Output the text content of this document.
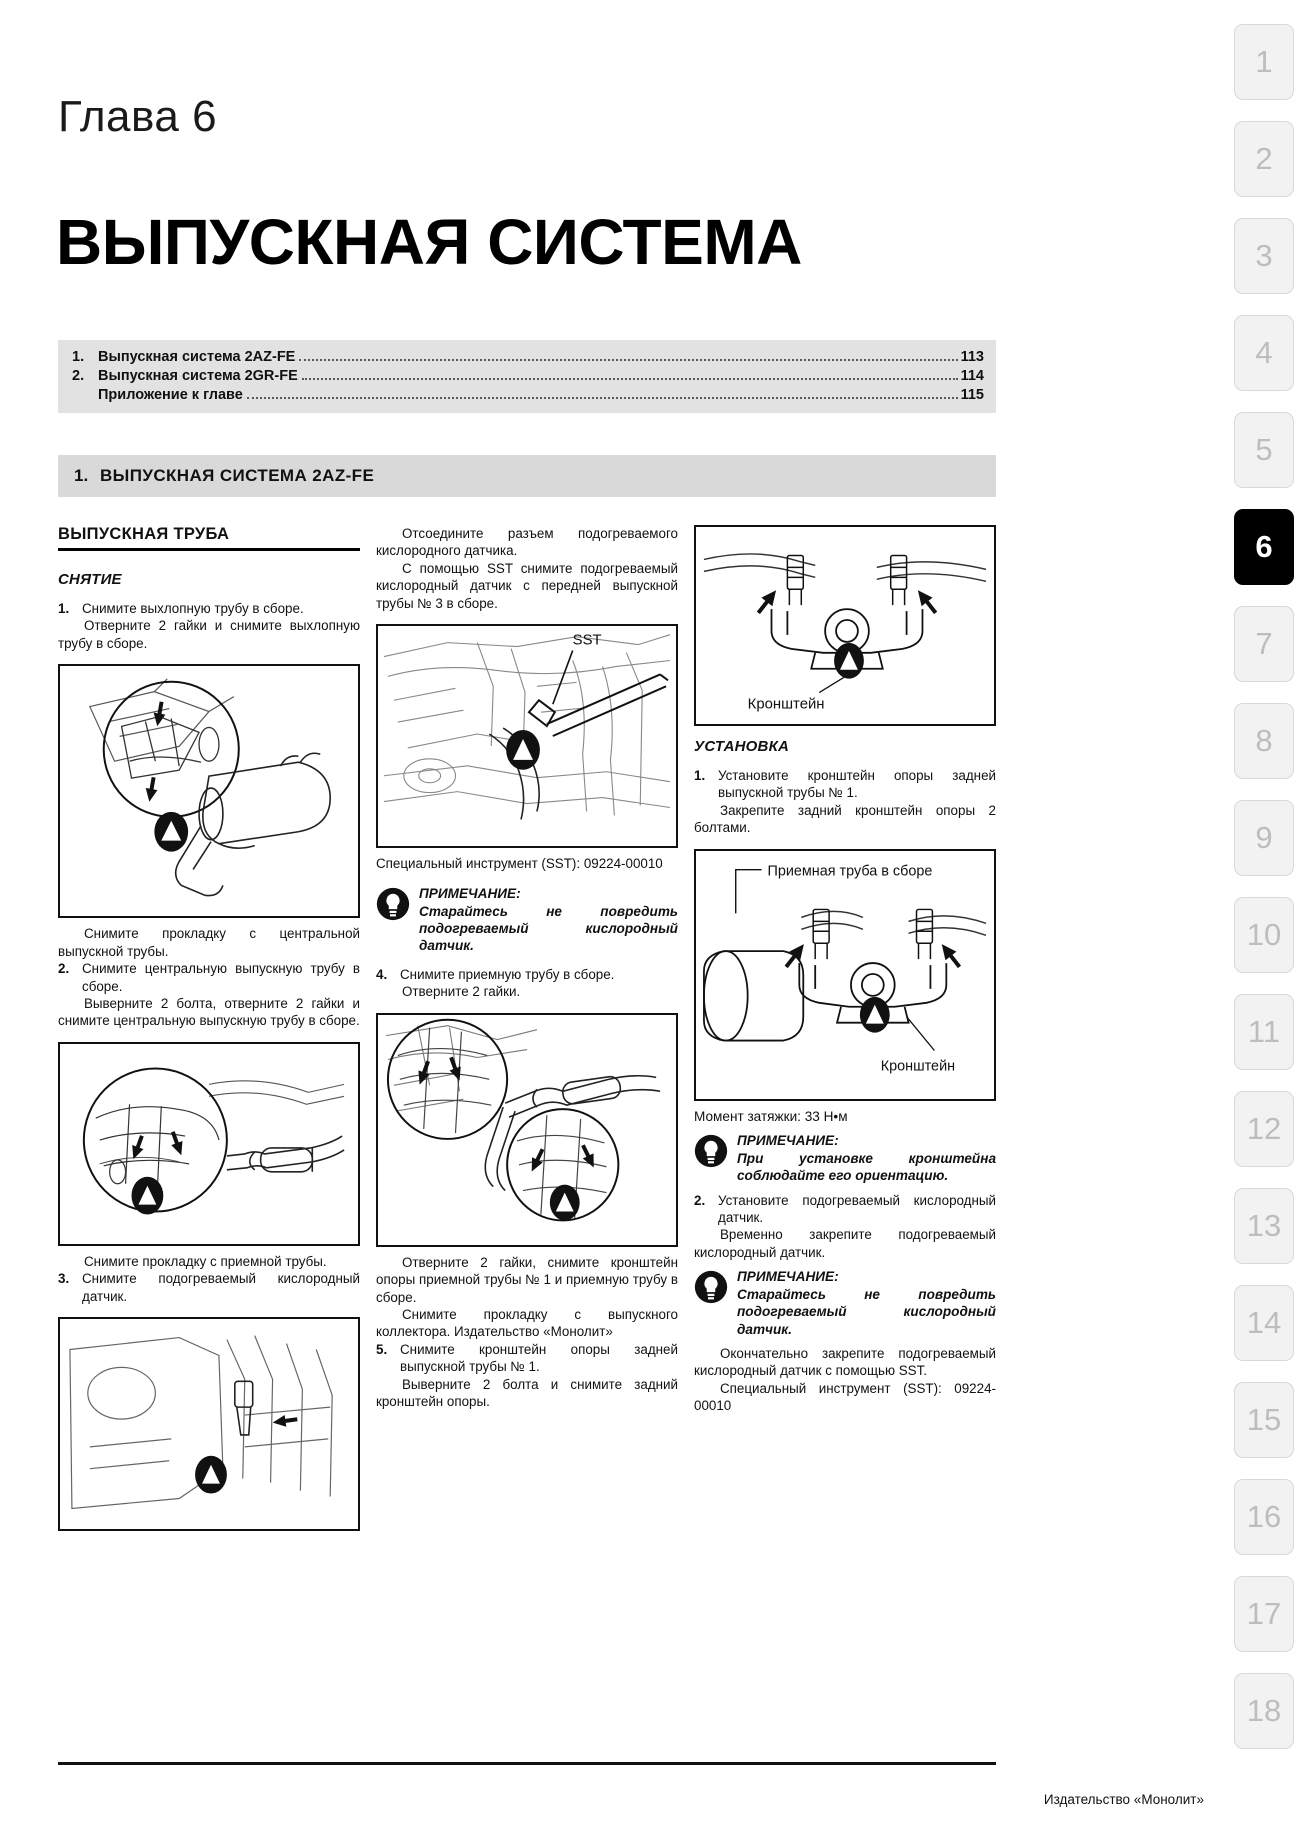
1
2
3
4
5
6
7
8
9
10
11
12
13
14
15
16
17
18
Глава 6
ВЫПУСКНАЯ СИСТЕМА
1. Выпускная система 2AZ-FE	113
2. Выпускная система 2GR-FE	114
Приложение к главе	115
1. ВЫПУСКНАЯ СИСТЕМА 2AZ-FE
ВЫПУСКНАЯ ТРУБА
СНЯТИЕ
1. Снимите выхлопную трубу в сборе.

Отверните 2 гайки и снимите выхлопную трубу в сборе.

Снимите прокладку с центральной выпускной трубы.

2. Снимите центральную выпускную трубу в сборе.

Выверните 2 болта, отверните 2 гайки и снимите центральную выпускную трубу в сборе.

Снимите прокладку с приемной трубы.

3. Снимите подогреваемый кислородный датчик.

Отсоедините разъем подогреваемого кислородного датчика.

С помощью SST снимите подогреваемый кислородный датчик с передней выпускной трубы № 3 в сборе.

SST

Специальный инструмент (SST): 09224-00010

ПРИМЕЧАНИЕ:
Старайтесь не повредить подогреваемый кислородный датчик.
4. Снимите приемную трубу в сборе.

Отверните 2 гайки.

Отверните 2 гайки, снимите кронштейн опоры приемной трубы № 1 и приемную трубу в сборе.

Снимите прокладку с выпускного коллектора. Издательство «Монолит»

5. Снимите кронштейн опоры задней выпускной трубы № 1.

Выверните 2 болта и снимите задний кронштейн опоры.

Кронштейн
УСТАНОВКА
1. Установите кронштейн опоры задней выпускной трубы № 1.

Закрепите задний кронштейн опоры 2 болтами.

Приемная труба в сборе
Кронштейн

Момент затяжки: 33 Н•м

ПРИМЕЧАНИЕ:
При установке кронштейна соблюдайте его ориентацию.
2. Установите подогреваемый кислородный датчик.

Временно закрепите подогреваемый кислородный датчик.

ПРИМЕЧАНИЕ:
Старайтесь не повредить подогреваемый кислородный датчик.

Окончательно закрепите подогреваемый кислородный датчик с помощью SST.

Специальный инструмент (SST): 09224-00010

Издательство «Монолит»
